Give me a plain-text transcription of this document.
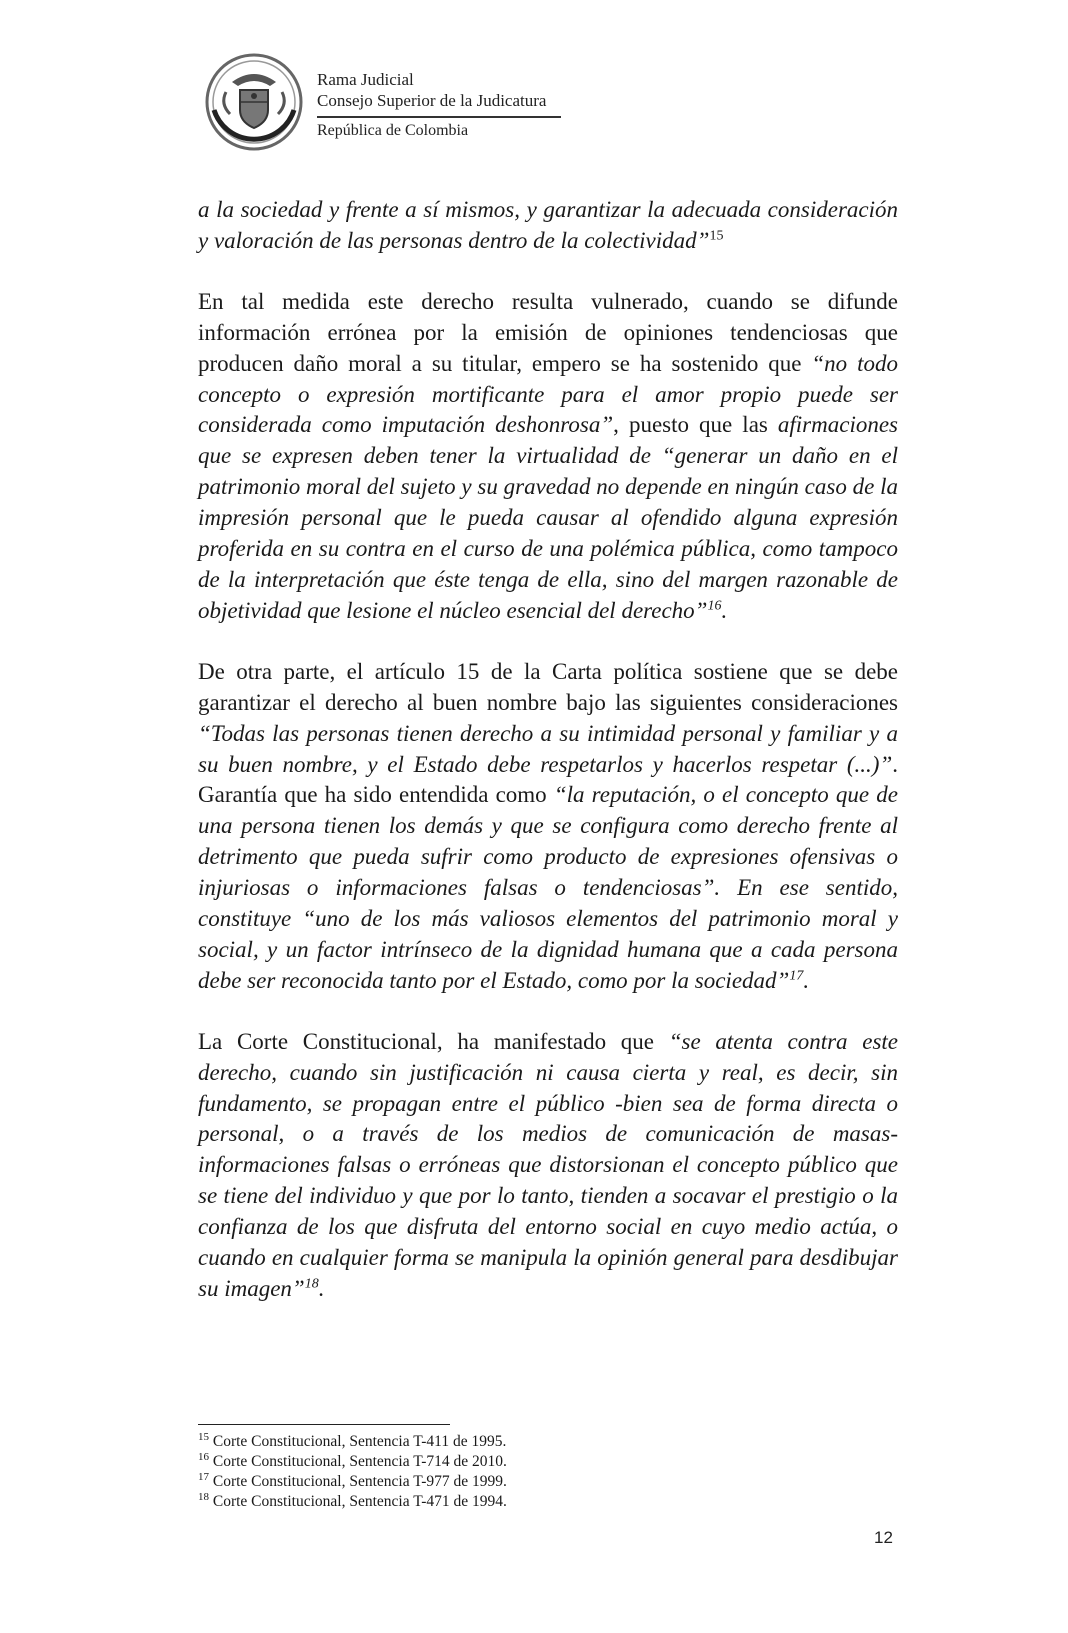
Rama Judicial
Consejo Superior de la Judicatura
República de Colombia

a la sociedad y frente a sí mismos, y garantizar la adecuada consideración y valoración de las personas dentro de la colectividad”$^{15}$

En tal medida este derecho resulta vulnerado, cuando se difunde información errónea por la emisión de opiniones tendenciosas que producen daño moral a su titular, empero se ha sostenido que “no todo concepto o expresión mortificante para el amor propio puede ser considerada como imputación deshonrosa”, puesto que las afirmaciones que se expresen deben tener la virtualidad de “generar un daño en el patrimonio moral del sujeto y su gravedad no depende en ningún caso de la impresión personal que le pueda causar al ofendido alguna expresión proferida en su contra en el curso de una polémica pública, como tampoco de la interpretación que éste tenga de ella, sino del margen razonable de objetividad que lesione el núcleo esencial del derecho”$^{16}$.

De otra parte, el artículo 15 de la Carta política sostiene que se debe garantizar el derecho al buen nombre bajo las siguientes consideraciones “Todas las personas tienen derecho a su intimidad personal y familiar y a su buen nombre, y el Estado debe respetarlos y hacerlos respetar (...)”. Garantía que ha sido entendida como “la reputación, o el concepto que de una persona tienen los demás y que se configura como derecho frente al detrimento que pueda sufrir como producto de expresiones ofensivas o injuriosas o informaciones falsas o tendenciosas”. En ese sentido, constituye “uno de los más valiosos elementos del patrimonio moral y social, y un factor intrínseco de la dignidad humana que a cada persona debe ser reconocida tanto por el Estado, como por la sociedad”$^{17}$.

La Corte Constitucional, ha manifestado que “se atenta contra este derecho, cuando sin justificación ni causa cierta y real, es decir, sin fundamento, se propagan entre el público -bien sea de forma directa o personal, o a través de los medios de comunicación de masas- informaciones falsas o erróneas que distorsionan el concepto público que se tiene del individuo y que por lo tanto, tienden a socavar el prestigio o la confianza de los que disfruta del entorno social en cuyo medio actúa, o cuando en cualquier forma se manipula la opinión general para desdibujar su imagen”$^{18}$.

$^{15}$ Corte Constitucional, Sentencia T-411 de 1995.

$^{16}$ Corte Constitucional, Sentencia T-714 de 2010.

$^{17}$ Corte Constitucional, Sentencia T-977 de 1999.

$^{18}$ Corte Constitucional, Sentencia T-471 de 1994.

12
